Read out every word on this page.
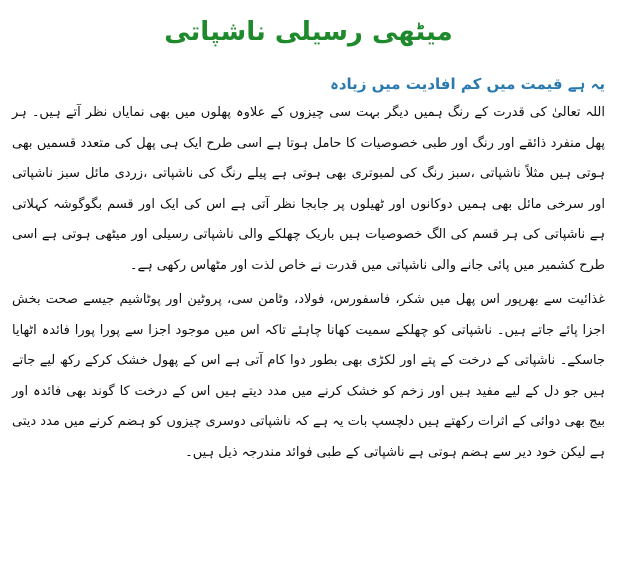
میٹھی رسیلی ناشپاتی
یہ ہے قیمت میں کم افادیت میں زیادہ

اللہ تعالیٰ کی قدرت کے رنگ ہمیں دیگر بہت سی چیزوں کے علاوہ پھلوں میں بھی نمایاں نظر آتے ہیں۔ ہر پھل منفرد ذائقے اور رنگ اور طبی خصوصیات کا حامل ہوتا ہے اسی طرح ایک ہی پھل کی متعدد قسمیں بھی ہوتی ہیں مثلاً ناشپاتی ،سبز رنگ کی لمبوتری بھی ہوتی ہے پیلے رنگ کی ناشپاتی ،زردی مائل سبز ناشپاتی اور سرخی مائل بھی ہمیں دوکانوں اور ٹھیلوں پر جابجا نظر آتی ہے اس کی ایک اور قسم بگوگوشہ کہلاتی ہے ناشپاتی کی ہر قسم کی الگ خصوصیات ہیں باریک چھلکے والی ناشپاتی رسیلی اور میٹھی ہوتی ہے اسی طرح کشمیر میں پائی جانے والی ناشپاتی میں قدرت نے خاص لذت اور مٹھاس رکھی ہے۔

غذائیت سے بھرپور اس پھل میں شکر، فاسفورس، فولاد، وٹامن سی، پروٹین اور پوٹاشیم جیسے صحت بخش اجزا پائے جاتے ہیں۔ ناشپاتی کو چھلکے سمیت کھانا چاہئے تاکہ اس میں موجود اجزا سے پورا پورا فائدہ اٹھایا جاسکے۔ ناشپاتی کے درخت کے پتے اور لکڑی بھی بطور دوا کام آتی ہے اس کے پھول خشک کرکے رکھ لیے جاتے ہیں جو دل کے لیے مفید ہیں اور زخم کو خشک کرنے میں مدد دیتے ہیں اس کے درخت کا گوند بھی فائدہ اور بیج بھی دوائی کے اثرات رکھتے ہیں دلچسپ بات یہ ہے کہ ناشپاتی دوسری چیزوں کو ہضم کرنے میں مدد دیتی ہے لیکن خود دیر سے ہضم ہوتی ہے ناشپاتی کے طبی فوائد مندرجہ ذیل ہیں۔
